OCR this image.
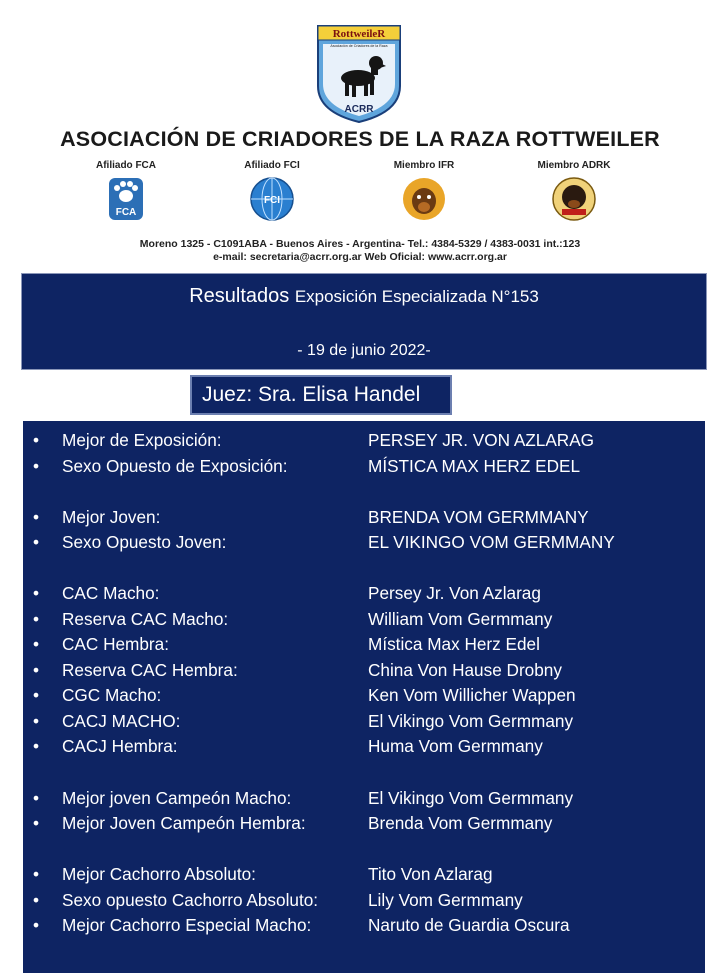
RottweileR
Asociación de Criadores de la Raza
ACRR
ASOCIACIÓN DE CRIADORES DE LA RAZA ROTTWEILER
Afiliado FCA
FCA
Afiliado FCI
FCI
Miembro IFR	Miembro ADRK
Moreno 1325 - C1091ABA - Buenos Aires - Argentina- Tel.: 4384-5329 / 4383-0031 int.:123
e-mail: secretaria@acrr.org.ar Web Oficial: www.acrr.org.ar
Resultados Exposición Especializada N°153
- 19 de junio 2022-
Juez: Sra. Elisa Handel
• Mejor de Exposición:	PERSEY JR. VON AZLARAG
• Sexo Opuesto de Exposición:	MÍSTICA MAX HERZ EDEL
• Mejor Joven:	BRENDA VOM GERMMANY
• Sexo Opuesto Joven:	EL VIKINGO VOM GERMMANY
• CAC Macho:	Persey Jr. Von Azlarag
• Reserva CAC Macho:	William Vom Germmany
• CAC Hembra:	Mística Max Herz Edel
• Reserva CAC Hembra:	China Von Hause Drobny
• CGC Macho:	Ken Vom Willicher Wappen
• CACJ MACHO:	El Vikingo Vom Germmany
• CACJ Hembra:	Huma Vom Germmany
• Mejor joven Campeón Macho:	El Vikingo Vom Germmany
• Mejor Joven Campeón Hembra:	Brenda Vom Germmany
• Mejor Cachorro Absoluto:	Tito Von Azlarag
• Sexo opuesto Cachorro Absoluto:	Lily Vom Germmany
• Mejor Cachorro Especial Macho:	Naruto de Guardia Oscura
